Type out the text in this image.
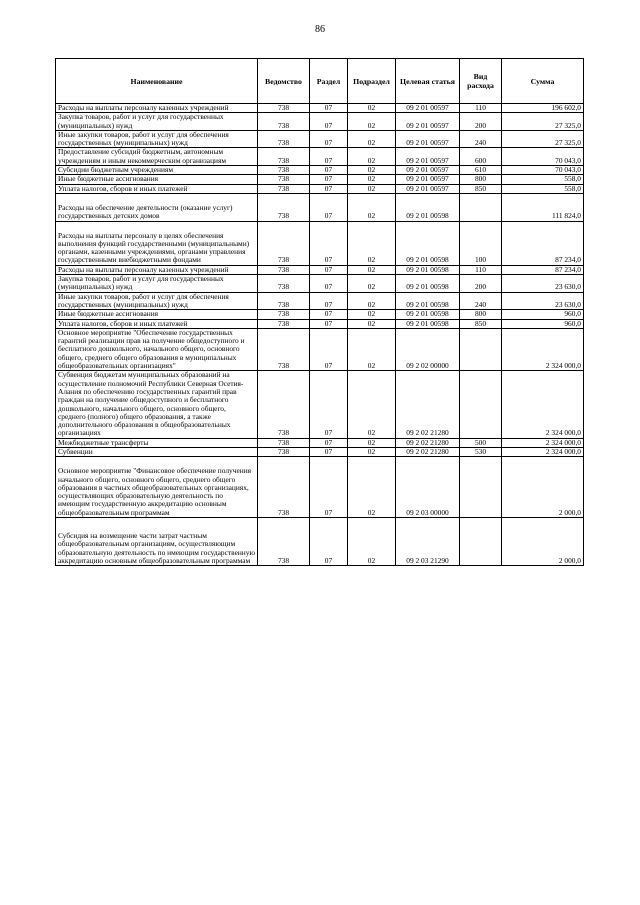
86
Наименование	Ведомство	Раздел	Подраздел	Целевая статья	Вид расхода	Сумма
Расходы на выплаты персоналу казенных учреждений	738	07	02	09 2 01 00597	110	196 602,0
Закупка товаров, работ и услуг для государственных (муниципальных) нужд	738	07	02	09 2 01 00597	200	27 325,0
Иные закупки товаров, работ и услуг для обеспечения государственных (муниципальных) нужд	738	07	02	09 2 01 00597	240	27 325,0
Предоставление субсидий бюджетным, автономным учреждениям и иным некоммерческим организациям	738	07	02	09 2 01 00597	600	70 043,0
Субсидии бюджетным учреждениям	738	07	02	09 2 01 00597	610	70 043,0
Иные бюджетные ассигнования	738	07	02	09 2 01 00597	800	558,0
Уплата налогов, сборов и иных платежей	738	07	02	09 2 01 00597	850	558,0
Расходы на обеспечение деятельности (оказание услуг) государственных детских домов	738	07	02	09 2 01 00598		111 824,0
Расходы на выплаты персоналу в целях обеспечения выполнения функций государственными (муниципальными) органами, казенными учреждениями, органами управления государственными внебюджетными фондами	738	07	02	09 2 01 00598	100	87 234,0
Расходы на выплаты персоналу казенных учреждений	738	07	02	09 2 01 00598	110	87 234,0
Закупка товаров, работ и услуг для государственных (муниципальных) нужд	738	07	02	09 2 01 00598	200	23 630,0
Иные закупки товаров, работ и услуг для обеспечения государственных (муниципальных) нужд	738	07	02	09 2 01 00598	240	23 630,0
Иные бюджетные ассигнования	738	07	02	09 2 01 00598	800	960,0
Уплата налогов, сборов и иных платежей	738	07	02	09 2 01 00598	850	960,0
Основное мероприятие "Обеспечение государственных гарантий реализации прав на получение общедоступного и бесплатного дошкольного, начального общего, основного общего, среднего общего образования в муниципальных общеобразовательных организациях"	738	07	02	09 2 02 00000		2 324 000,0
Субвенция бюджетам муниципальных образований на осуществление полномочий Республики Северная Осетия-Алания по обеспечению государственных гарантий прав граждан на получение общедоступного и бесплатного дошкольного, начального общего, основного общего, среднего (полного) общего образования, а также дополнительного образования в общеобразовательных организациях	738	07	02	09 2 02 21280		2 324 000,0
Межбюджетные трансферты	738	07	02	09 2 02 21280	500	2 324 000,0
Субвенции	738	07	02	09 2 02 21280	530	2 324 000,0
Основное мероприятие "Финансовое обеспечение получения начального общего, основного общего, среднего общего образования в частных общеобразовательных организациях, осуществляющих образовательную деятельность по имеющим государственную аккредитацию основным общеобразовательным программам	738	07	02	09 2 03 00000		2 000,0
Субсидия на возмещение части затрат частным общеобразовательным организациям, осуществляющим образовательную деятельность по имеющим государственную аккредитацию основным общеобразовательным программам	738	07	02	09 2 03 21290		2 000,0
